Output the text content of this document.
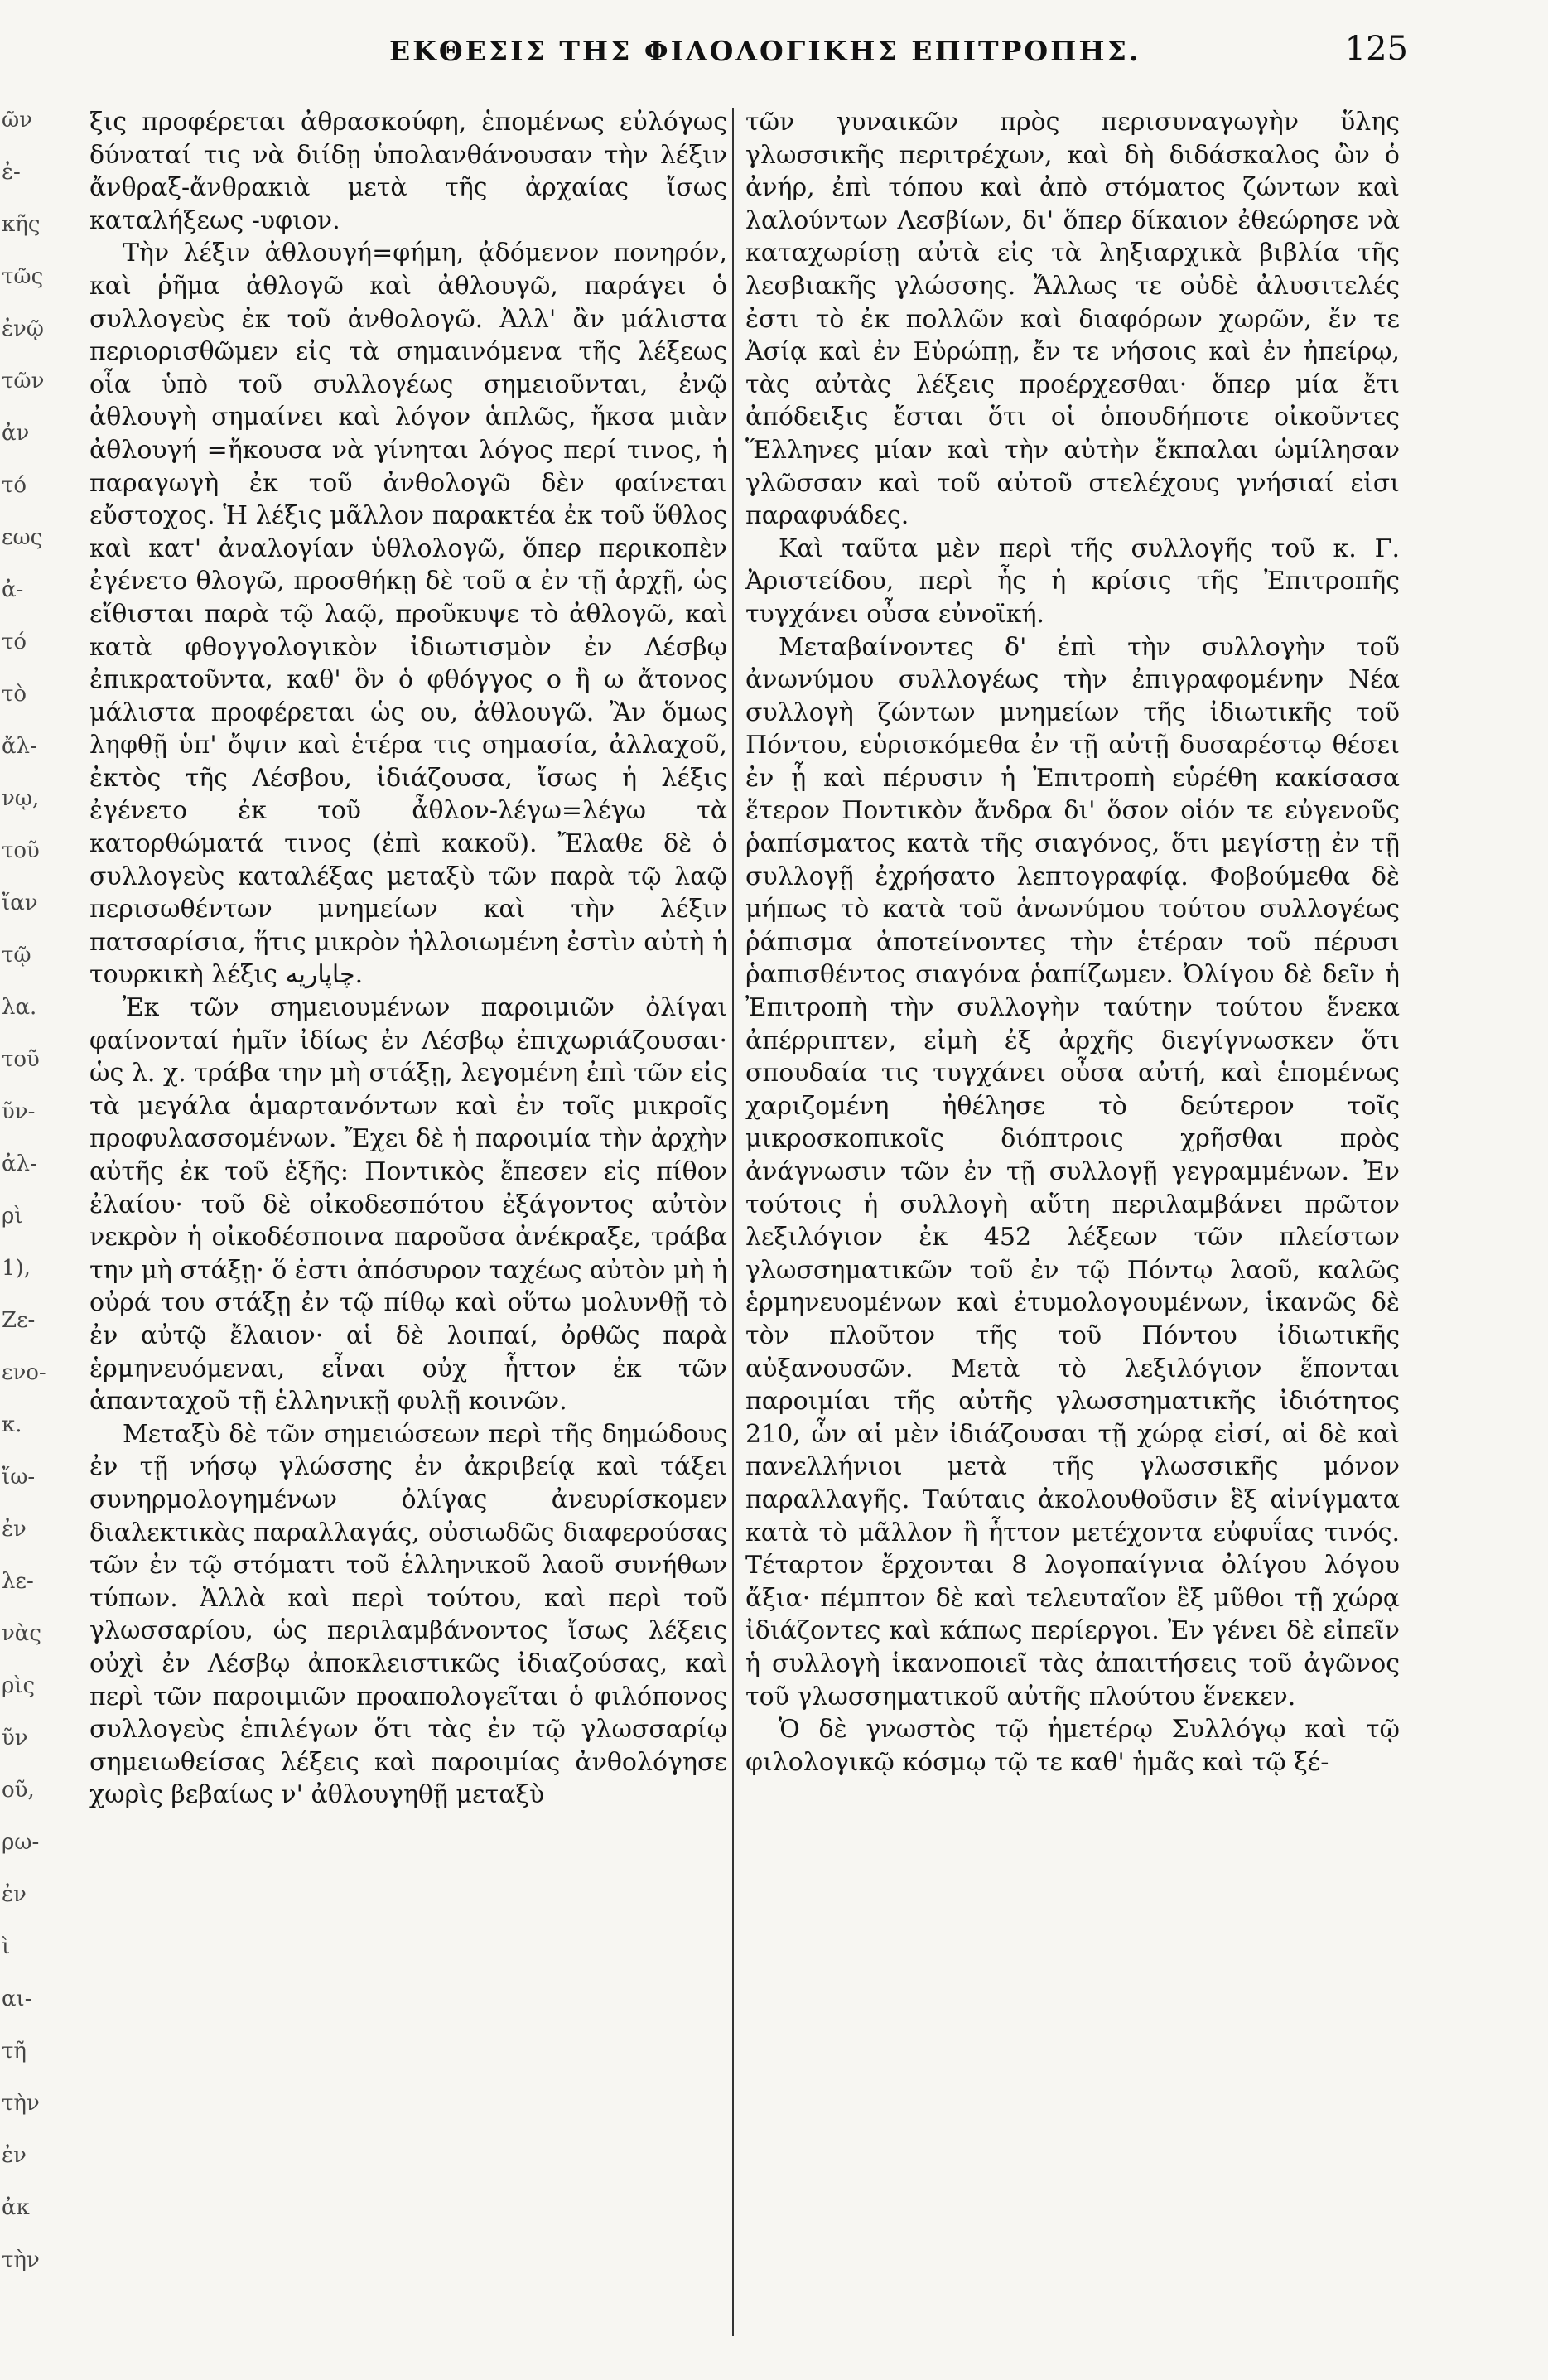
ΕΚΘΕΣΙΣ ΤΗΣ ΦΙΛΟΛΟΓΙΚΗΣ ΕΠΙΤΡΟΠΗΣ.	125
ῶν
ἐ-
κῆς
τῶς
ἐνῷ
τῶν
ἀν
τό
εως
ἀ-
τό
τὸ
ἄλ-
νῳ,
τοῦ
ἴαν
τῷ
λα.
τοῦ
ῦν-
ἀλ-
ρὶ
1),
Ζε-
ενο-
κ.
ἴω-
ἐν
λε-
νὰς
ρὶς
ῦν
οῦ,
ρω-
ἐν
ὶ
αι-
τῆ
τὴν
ἐν
ἀκ
τὴν

ξις προφέρεται ἀθρασκούφη, ἑπομένως εὐλόγως δύναταί τις νὰ διίδῃ ὑπολανθάνουσαν τὴν λέξιν ἄνθραξ-ἄνθρακιὰ μετὰ τῆς ἀρχαίας ἴσως καταλήξεως -υφιον.

Τὴν λέξιν ἀθλουγή=φήμη, ᾀδόμενον πονηρόν, καὶ ῥῆμα ἀθλογῶ καὶ ἀθλουγῶ, παράγει ὁ συλλογεὺς ἐκ τοῦ ἀνθολογῶ. Ἀλλ' ἂν μάλιστα περιορισθῶμεν εἰς τὰ σημαινόμενα τῆς λέξεως οἷα ὑπὸ τοῦ συλλογέως σημειοῦνται, ἐνῷ ἀθλουγὴ σημαίνει καὶ λόγον ἁπλῶς, ἤκσα μιὰν ἀθλουγή =ἤκουσα νὰ γίνηται λόγος περί τινος, ἡ παραγωγὴ ἐκ τοῦ ἀνθολογῶ δὲν φαίνεται εὔστοχος. Ἡ λέξις μᾶλλον παρακτέα ἐκ τοῦ ὕθλος καὶ κατ' ἀναλογίαν ὑθλολογῶ, ὅπερ περικοπὲν ἐγένετο θλογῶ, προσθήκῃ δὲ τοῦ α ἐν τῇ ἀρχῇ, ὡς εἴθισται παρὰ τῷ λαῷ, προῦκυψε τὸ ἀθλογῶ, καὶ κατὰ φθογγολογικὸν ἰδιωτισμὸν ἐν Λέσβῳ ἐπικρατοῦντα, καθ' ὃν ὁ φθόγγος ο ἢ ω ἄτονος μάλιστα προφέρεται ὡς ου, ἀθλουγῶ. Ἂν ὅμως ληφθῇ ὑπ' ὄψιν καὶ ἑτέρα τις σημασία, ἀλλαχοῦ, ἐκτὸς τῆς Λέσβου, ἰδιάζουσα, ἴσως ἡ λέξις ἐγένετο ἐκ τοῦ ἆθλον-λέγω=λέγω τὰ κατορθώματά τινος (ἐπὶ κακοῦ). Ἔλαθε δὲ ὁ συλλογεὺς καταλέξας μεταξὺ τῶν παρὰ τῷ λαῷ περισωθέντων μνημείων καὶ τὴν λέξιν πατσαρίσια, ἥτις μικρὸν ἠλλοιωμένη ἐστὶν αὐτὴ ἡ τουρκικὴ λέξις چاپاريه.

Ἐκ τῶν σημειουμένων παροιμιῶν ὀλίγαι φαίνονταί ἡμῖν ἰδίως ἐν Λέσβῳ ἐπιχωριάζουσαι· ὡς λ. χ. τράβα την μὴ στάξῃ, λεγομένη ἐπὶ τῶν εἰς τὰ μεγάλα ἁμαρτανόντων καὶ ἐν τοῖς μικροῖς προφυλασσομένων. Ἔχει δὲ ἡ παροιμία τὴν ἀρχὴν αὐτῆς ἐκ τοῦ ἑξῆς: Ποντικὸς ἔπεσεν εἰς πίθον ἐλαίου· τοῦ δὲ οἰκοδεσπότου ἐξάγοντος αὐτὸν νεκρὸν ἡ οἰκοδέσποινα παροῦσα ἀνέκραξε, τράβα την μὴ στάξῃ· ὅ ἐστι ἀπόσυρον ταχέως αὐτὸν μὴ ἡ οὐρά του στάξῃ ἐν τῷ πίθῳ καὶ οὕτω μολυνθῇ τὸ ἐν αὐτῷ ἔλαιον· αἱ δὲ λοιπαί, ὀρθῶς παρὰ ἑρμηνευόμεναι, εἶναι οὐχ ἧττον ἐκ τῶν ἁπανταχοῦ τῇ ἑλληνικῇ φυλῇ κοινῶν.

Μεταξὺ δὲ τῶν σημειώσεων περὶ τῆς δημώδους ἐν τῇ νήσῳ γλώσσης ἐν ἀκριβείᾳ καὶ τάξει συνηρμολογημένων ὀλίγας ἀνευρίσκομεν διαλεκτικὰς παραλλαγάς, οὐσιωδῶς διαφερούσας τῶν ἐν τῷ στόματι τοῦ ἑλληνικοῦ λαοῦ συνήθων τύπων. Ἀλλὰ καὶ περὶ τούτου, καὶ περὶ τοῦ γλωσσαρίου, ὡς περιλαμβάνοντος ἴσως λέξεις οὐχὶ ἐν Λέσβῳ ἀποκλειστικῶς ἰδιαζούσας, καὶ περὶ τῶν παροιμιῶν προαπολογεῖται ὁ φιλόπονος συλλογεὺς ἐπιλέγων ὅτι τὰς ἐν τῷ γλωσσαρίῳ σημειωθείσας λέξεις καὶ παροιμίας ἀνθολόγησε χωρὶς βεβαίως ν' ἀθλουγηθῇ μεταξὺ

τῶν γυναικῶν πρὸς περισυναγωγὴν ὕλης γλωσσικῆς περιτρέχων, καὶ δὴ διδάσκαλος ὢν ὁ ἀνήρ, ἐπὶ τόπου καὶ ἀπὸ στόματος ζώντων καὶ λαλούντων Λεσβίων, δι' ὅπερ δίκαιον ἐθεώρησε νὰ καταχωρίσῃ αὐτὰ εἰς τὰ ληξιαρχικὰ βιβλία τῆς λεσβιακῆς γλώσσης. Ἄλλως τε οὐδὲ ἀλυσιτελές ἐστι τὸ ἐκ πολλῶν καὶ διαφόρων χωρῶν, ἔν τε Ἀσίᾳ καὶ ἐν Εὐρώπῃ, ἔν τε νήσοις καὶ ἐν ἠπείρῳ, τὰς αὐτὰς λέξεις προέρχεσθαι· ὅπερ μία ἔτι ἀπόδειξις ἔσται ὅτι οἱ ὁπουδήποτε οἰκοῦντες Ἕλληνες μίαν καὶ τὴν αὐτὴν ἔκπαλαι ὡμίλησαν γλῶσσαν καὶ τοῦ αὐτοῦ στελέχους γνήσιαί εἰσι παραφυάδες.

Καὶ ταῦτα μὲν περὶ τῆς συλλογῆς τοῦ κ. Γ. Ἀριστείδου, περὶ ἧς ἡ κρίσις τῆς Ἐπιτροπῆς τυγχάνει οὖσα εὐνοϊκή.

Μεταβαίνοντες δ' ἐπὶ τὴν συλλογὴν τοῦ ἀνωνύμου συλλογέως τὴν ἐπιγραφομένην Νέα συλλογὴ ζώντων μνημείων τῆς ἰδιωτικῆς τοῦ Πόντου, εὑρισκόμεθα ἐν τῇ αὐτῇ δυσαρέστῳ θέσει ἐν ᾗ καὶ πέρυσιν ἡ Ἐπιτροπὴ εὑρέθη κακίσασα ἕτερον Ποντικὸν ἄνδρα δι' ὅσον οἱόν τε εὐγενοῦς ῥαπίσματος κατὰ τῆς σιαγόνος, ὅτι μεγίστῃ ἐν τῇ συλλογῇ ἐχρήσατο λεπτογραφίᾳ. Φοβούμεθα δὲ μήπως τὸ κατὰ τοῦ ἀνωνύμου τούτου συλλογέως ῥάπισμα ἀποτείνοντες τὴν ἑτέραν τοῦ πέρυσι ῥαπισθέντος σιαγόνα ῥαπίζωμεν. Ὀλίγου δὲ δεῖν ἡ Ἐπιτροπὴ τὴν συλλογὴν ταύτην τούτου ἕνεκα ἀπέρριπτεν, εἰμὴ ἐξ ἀρχῆς διεγίγνωσκεν ὅτι σπουδαία τις τυγχάνει οὖσα αὐτή, καὶ ἑπομένως χαριζομένη ἠθέλησε τὸ δεύτερον τοῖς μικροσκοπικοῖς διόπτροις χρῆσθαι πρὸς ἀνάγνωσιν τῶν ἐν τῇ συλλογῇ γεγραμμένων. Ἐν τούτοις ἡ συλλογὴ αὕτη περιλαμβάνει πρῶτον λεξιλόγιον ἐκ 452 λέξεων τῶν πλείστων γλωσσηματικῶν τοῦ ἐν τῷ Πόντῳ λαοῦ, καλῶς ἑρμηνευομένων καὶ ἐτυμολογουμένων, ἱκανῶς δὲ τὸν πλοῦτον τῆς τοῦ Πόντου ἰδιωτικῆς αὐξανουσῶν. Μετὰ τὸ λεξιλόγιον ἕπονται παροιμίαι τῆς αὐτῆς γλωσσηματικῆς ἰδιότητος 210, ὧν αἱ μὲν ἰδιάζουσαι τῇ χώρᾳ εἰσί, αἱ δὲ καὶ πανελλήνιοι μετὰ τῆς γλωσσικῆς μόνον παραλλαγῆς. Ταύταις ἀκολουθοῦσιν ἓξ αἰνίγματα κατὰ τὸ μᾶλλον ἢ ἧττον μετέχοντα εὐφυΐας τινός. Τέταρτον ἔρχονται 8 λογοπαίγνια ὀλίγου λόγου ἄξια· πέμπτον δὲ καὶ τελευταῖον ἓξ μῦθοι τῇ χώρᾳ ἰδιάζοντες καὶ κάπως περίεργοι. Ἐν γένει δὲ εἰπεῖν ἡ συλλογὴ ἱκανοποιεῖ τὰς ἀπαιτήσεις τοῦ ἀγῶνος τοῦ γλωσσηματικοῦ αὐτῆς πλούτου ἕνεκεν.

Ὁ δὲ γνωστὸς τῷ ἡμετέρῳ Συλλόγῳ καὶ τῷ φιλολογικῷ κόσμῳ τῷ τε καθ' ἡμᾶς καὶ τῷ ξέ-
